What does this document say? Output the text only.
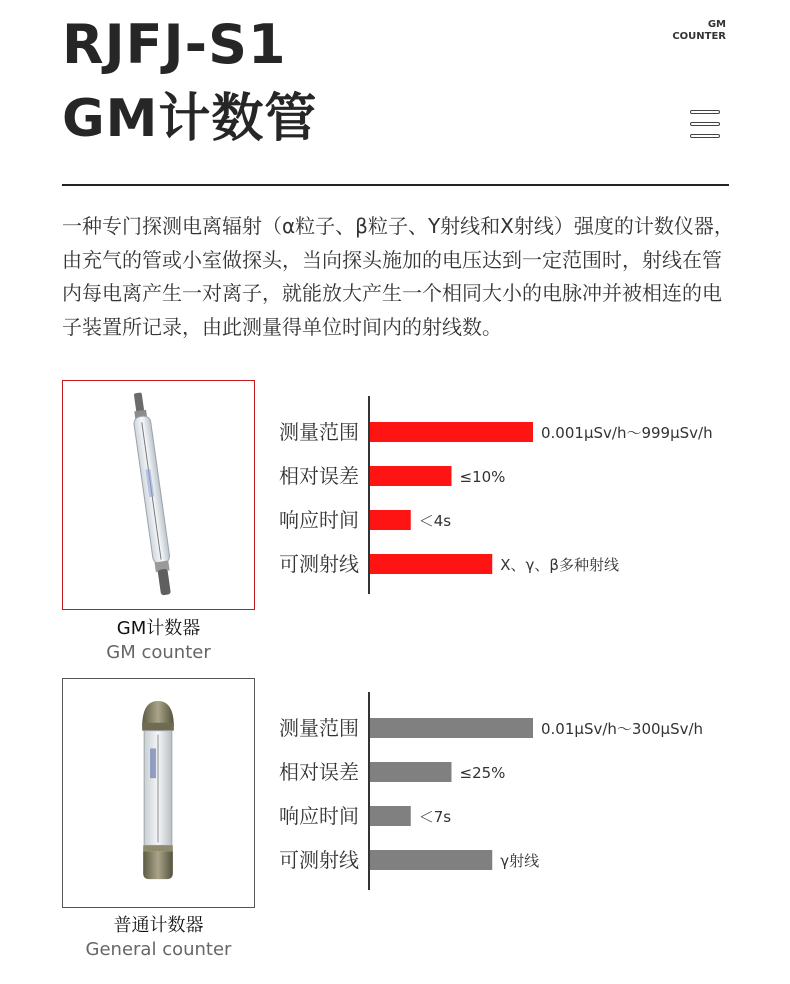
RJFJ-S1
GM计数管
GM
COUNTER
一种专门探测电离辐射（α粒子、β粒子、Y射线和X射线）强度的计数仪器，由充气的管或小室做探头，当向探头施加的电压达到一定范围时，射线在管内每电离产生一对离子，就能放大产生一个相同大小的电脉冲并被相连的电子装置所记录，由此测量得单位时间内的射线数。
GM计数器
GM counter
普通计数器
General counter
测量范围	0.001μSv/h～999μSv/h
相对误差	≤10%
响应时间	＜4s
可测射线	X、γ、β多种射线
测量范围	0.01μSv/h～300μSv/h
相对误差	≤25%
响应时间	＜7s
可测射线	γ射线
